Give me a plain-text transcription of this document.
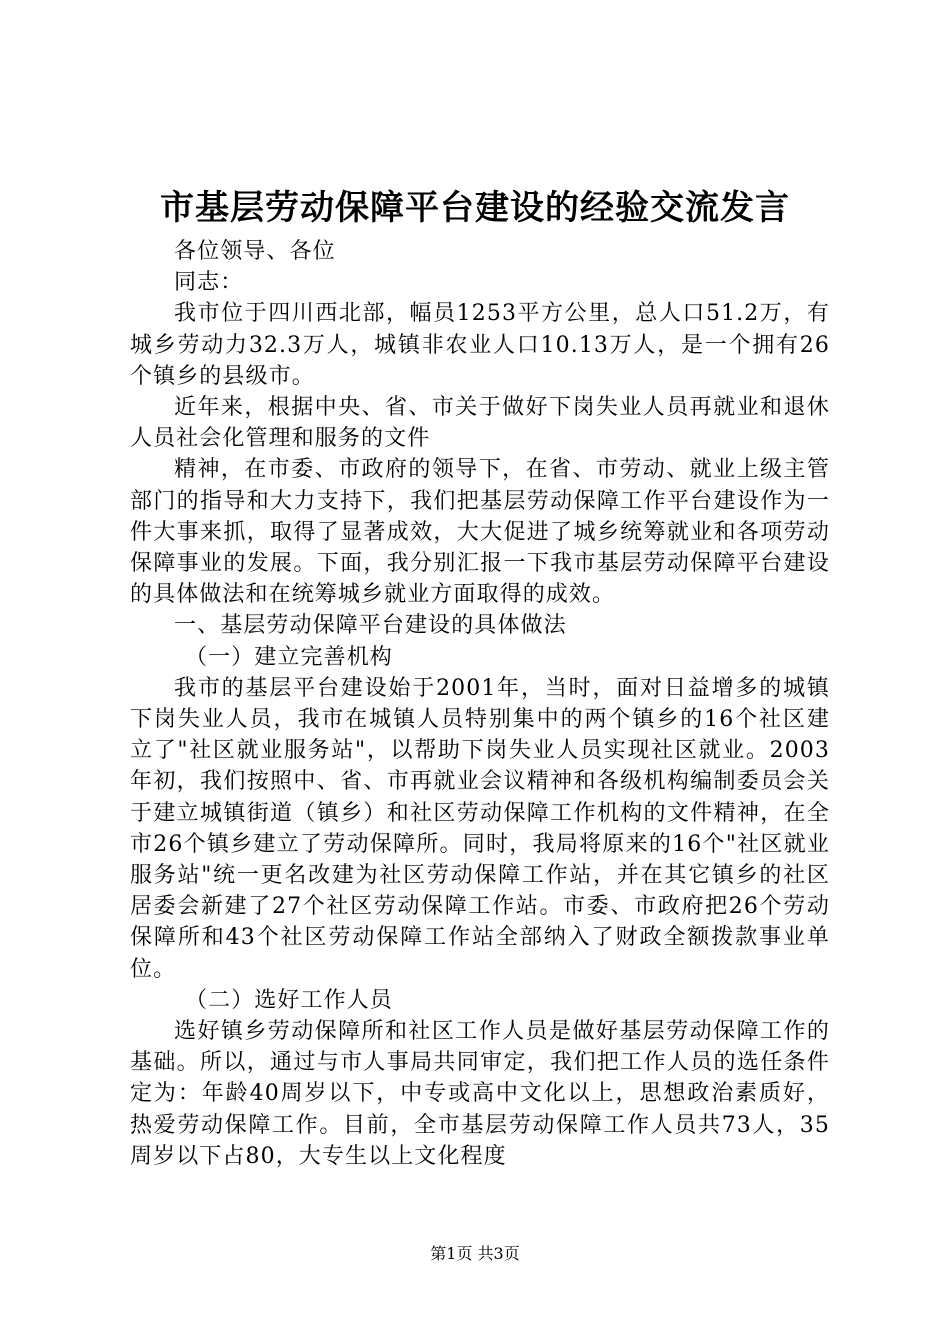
市基层劳动保障平台建设的经验交流发言

各位领导、各位

同志：

我市位于四川西北部，幅员1253平方公里，总人口51.2万，有城乡劳动力32.3万人，城镇非农业人口10.13万人，是一个拥有26个镇乡的县级市。

近年来，根据中央、省、市关于做好下岗失业人员再就业和退休人员社会化管理和服务的文件

精神，在市委、市政府的领导下，在省、市劳动、就业上级主管部门的指导和大力支持下，我们把基层劳动保障工作平台建设作为一件大事来抓，取得了显著成效，大大促进了城乡统筹就业和各项劳动保障事业的发展。下面，我分别汇报一下我市基层劳动保障平台建设的具体做法和在统筹城乡就业方面取得的成效。

一、基层劳动保障平台建设的具体做法

（一）建立完善机构

我市的基层平台建设始于2001年，当时，面对日益增多的城镇下岗失业人员，我市在城镇人员特别集中的两个镇乡的16个社区建立了"社区就业服务站"，以帮助下岗失业人员实现社区就业。2003年初，我们按照中、省、市再就业会议精神和各级机构编制委员会关于建立城镇街道（镇乡）和社区劳动保障工作机构的文件精神，在全市26个镇乡建立了劳动保障所。同时，我局将原来的16个"社区就业服务站"统一更名改建为社区劳动保障工作站，并在其它镇乡的社区居委会新建了27个社区劳动保障工作站。市委、市政府把26个劳动保障所和43个社区劳动保障工作站全部纳入了财政全额拨款事业单位。

（二）选好工作人员

选好镇乡劳动保障所和社区工作人员是做好基层劳动保障工作的基础。所以，通过与市人事局共同审定，我们把工作人员的选任条件定为：年龄40周岁以下，中专或高中文化以上，思想政治素质好，热爱劳动保障工作。目前，全市基层劳动保障工作人员共73人，35周岁以下占80，大专生以上文化程度

第1页 共3页
